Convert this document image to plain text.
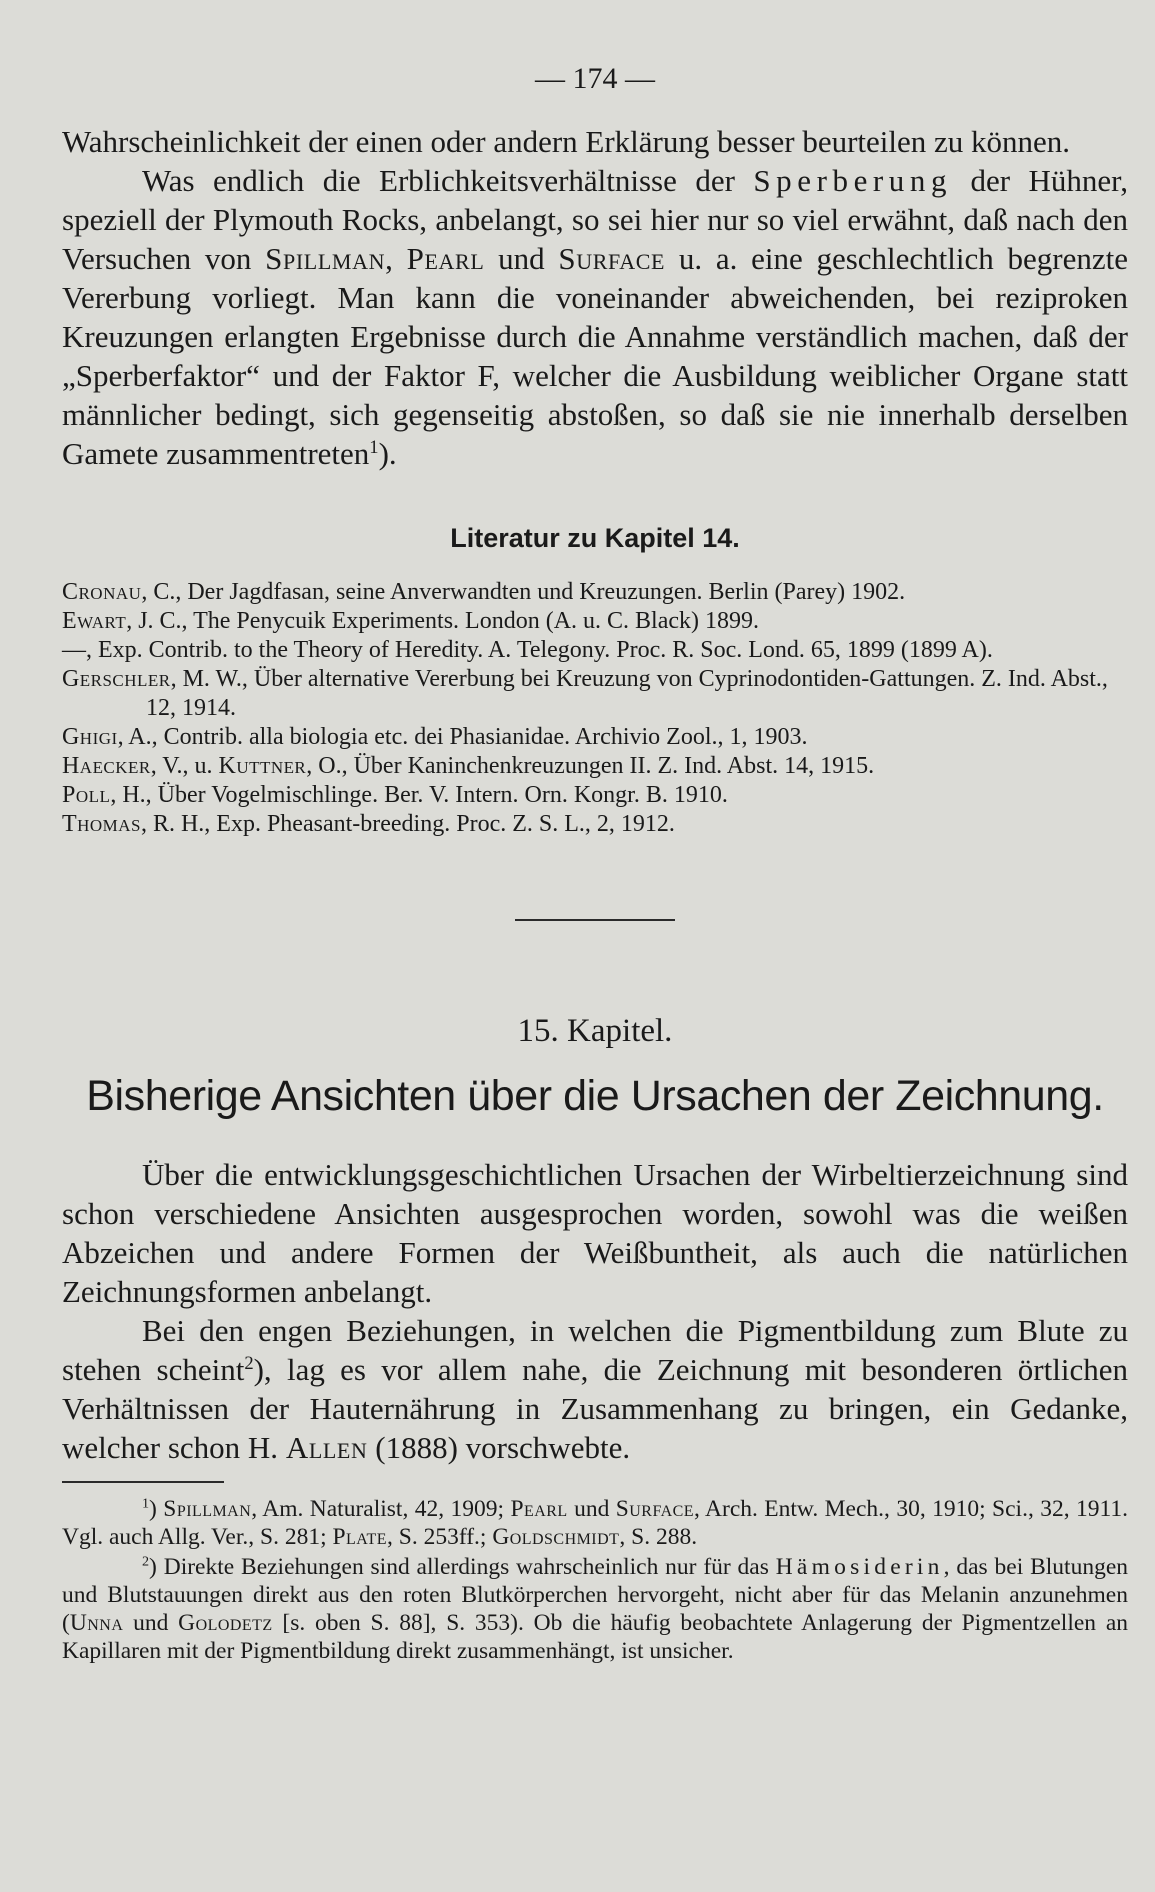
— 174 —

Wahrscheinlichkeit der einen oder andern Erklärung besser beurteilen zu können.

Was endlich die Erblichkeitsverhältnisse der Sperberung der Hühner, speziell der Plymouth Rocks, anbelangt, so sei hier nur so viel erwähnt, daß nach den Versuchen von Spillman, Pearl und Surface u. a. eine geschlechtlich begrenzte Vererbung vorliegt. Man kann die voneinander abweichenden, bei reziproken Kreuzungen erlangten Ergebnisse durch die Annahme verständlich machen, daß der „Sperberfaktor“ und der Faktor F, welcher die Ausbildung weiblicher Organe statt männlicher bedingt, sich gegenseitig abstoßen, so daß sie nie innerhalb derselben Gamete zusammentreten$^1$).

Literatur zu Kapitel 14.
Cronau, C., Der Jagdfasan, seine Anverwandten und Kreuzungen. Berlin (Parey) 1902.
Ewart, J. C., The Penycuik Experiments. London (A. u. C. Black) 1899.
—, Exp. Contrib. to the Theory of Heredity. A. Telegony. Proc. R. Soc. Lond. 65, 1899 (1899 A).
Gerschler, M. W., Über alternative Vererbung bei Kreuzung von Cyprinodontiden-Gattungen. Z. Ind. Abst., 12, 1914.
Ghigi, A., Contrib. alla biologia etc. dei Phasianidae. Archivio Zool., 1, 1903.
Haecker, V., u. Kuttner, O., Über Kaninchenkreuzungen II. Z. Ind. Abst. 14, 1915.
Poll, H., Über Vogelmischlinge. Ber. V. Intern. Orn. Kongr. B. 1910.
Thomas, R. H., Exp. Pheasant-breeding. Proc. Z. S. L., 2, 1912.
15. Kapitel.
Bisherige Ansichten über die Ursachen der Zeichnung.

Über die entwicklungsgeschichtlichen Ursachen der Wirbeltierzeichnung sind schon verschiedene Ansichten ausgesprochen worden, sowohl was die weißen Abzeichen und andere Formen der Weißbuntheit, als auch die natürlichen Zeichnungsformen anbelangt.

Bei den engen Beziehungen, in welchen die Pigmentbildung zum Blute zu stehen scheint$^2$), lag es vor allem nahe, die Zeichnung mit besonderen örtlichen Verhältnissen der Hauternährung in Zusammenhang zu bringen, ein Gedanke, welcher schon H. Allen (1888) vorschwebte.

$^1$) Spillman, Am. Naturalist, 42, 1909; Pearl und Surface, Arch. Entw. Mech., 30, 1910; Sci., 32, 1911. Vgl. auch Allg. Ver., S. 281; Plate, S. 253ff.; Goldschmidt, S. 288.

$^2$) Direkte Beziehungen sind allerdings wahrscheinlich nur für das Hämosiderin, das bei Blutungen und Blutstauungen direkt aus den roten Blutkörperchen hervorgeht, nicht aber für das Melanin anzunehmen (Unna und Golodetz [s. oben S. 88], S. 353). Ob die häufig beobachtete Anlagerung der Pigmentzellen an Kapillaren mit der Pigmentbildung direkt zusammenhängt, ist unsicher.
